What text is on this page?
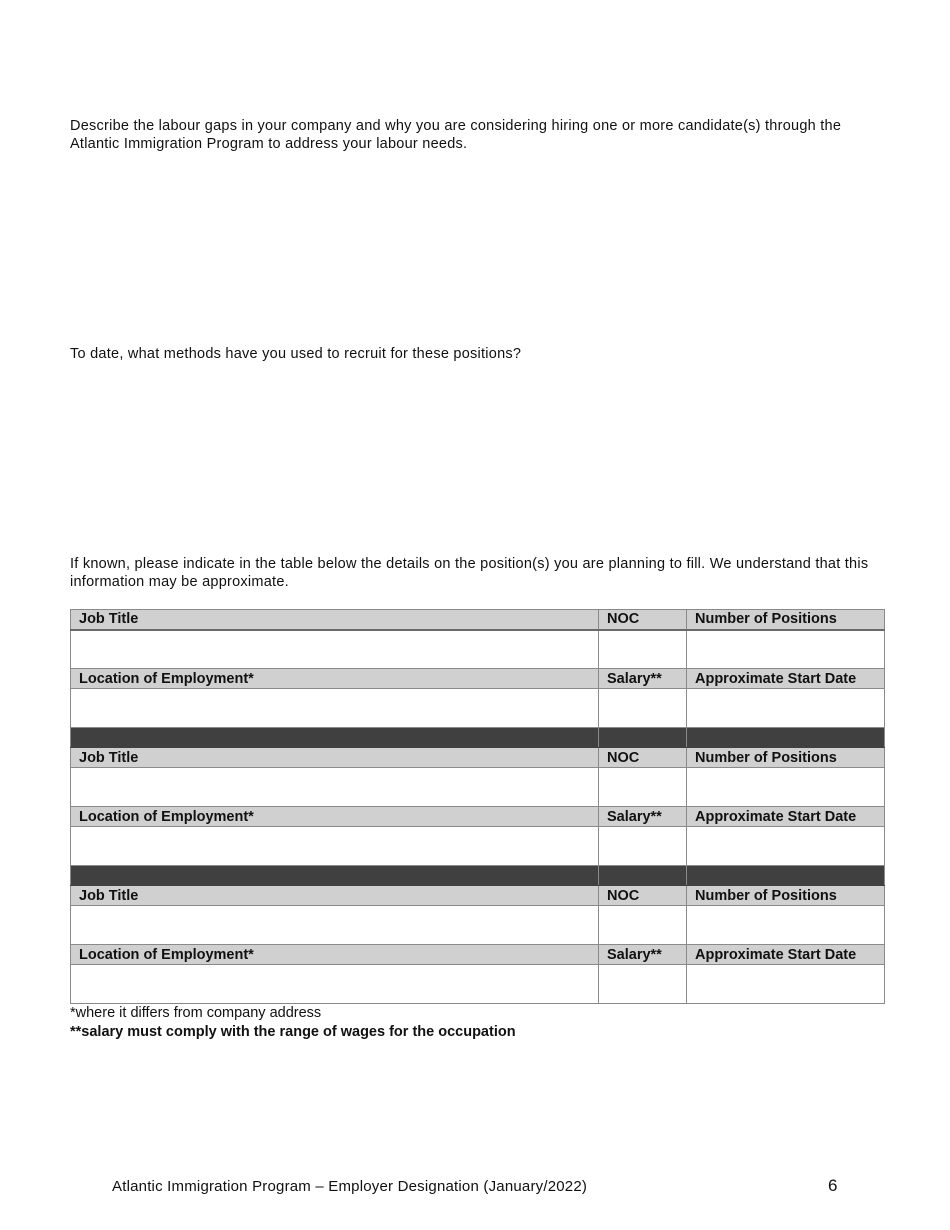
Describe the labour gaps in your company and why you are considering hiring one or more candidate(s) through the Atlantic Immigration Program to address your labour needs.

To date, what methods have you used to recruit for these positions?

If known, please indicate in the table below the details on the position(s) you are planning to fill. We understand that this information may be approximate.

Job Title	NOC	Number of Positions

Location of Employment*	Salary**	Approximate Start Date

Job Title	NOC	Number of Positions

Location of Employment*	Salary**	Approximate Start Date

Job Title	NOC	Number of Positions

Location of Employment*	Salary**	Approximate Start Date

*where it differs from company address

**salary must comply with the range of wages for the occupation

Atlantic Immigration Program – Employer Designation (January/2022)	6
